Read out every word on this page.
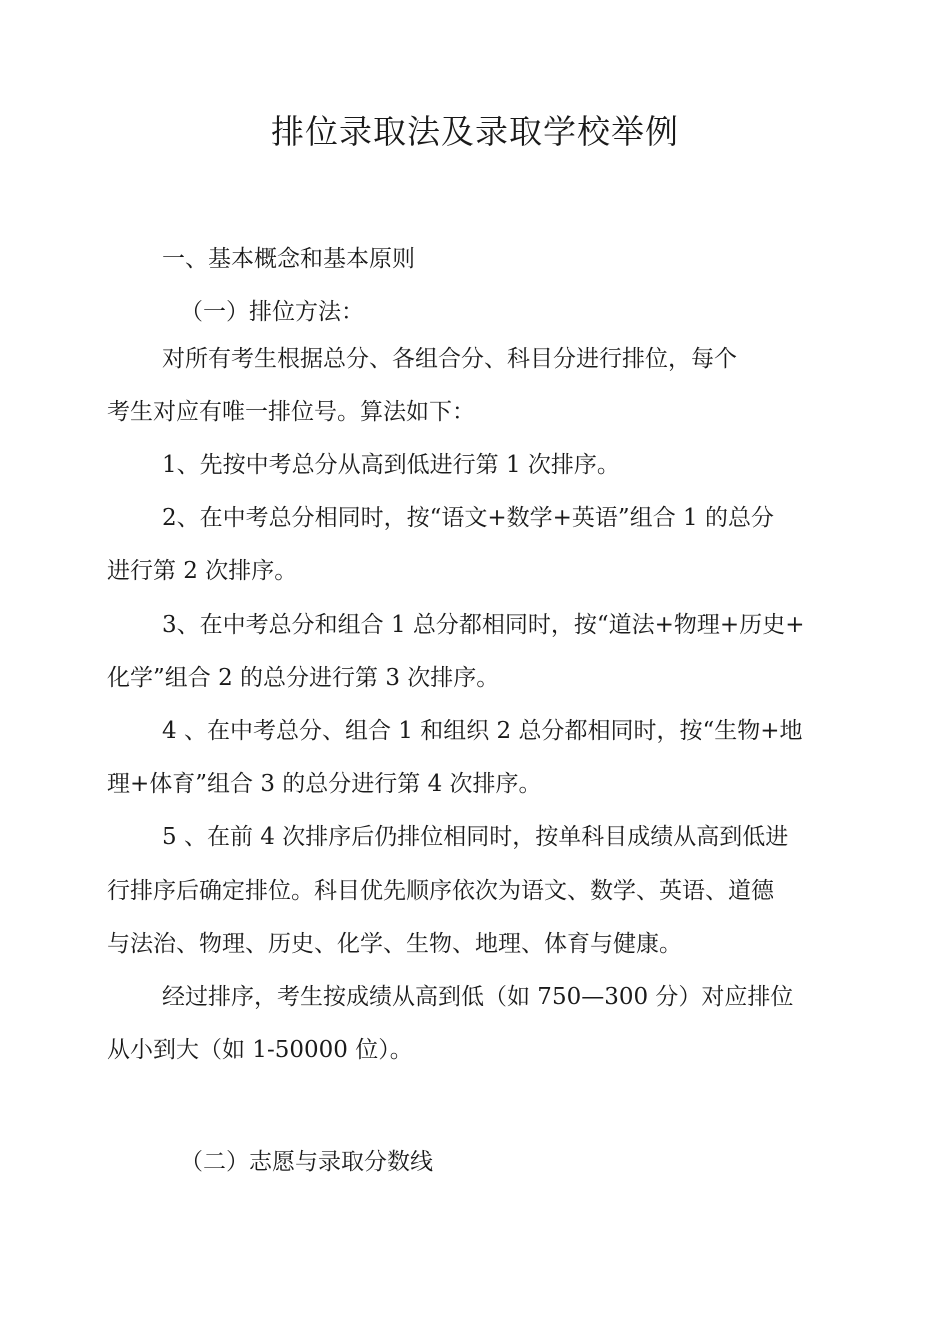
排位录取法及录取学校举例
一、基本概念和基本原则
（一）排位方法：
对所有考生根据总分、各组合分、科目分进行排位，每个
考生对应有唯一排位号。算法如下：
1、先按中考总分从高到低进行第 1 次排序。
2、在中考总分相同时，按“语文+数学+英语”组合 1 的总分
进行第 2 次排序。
3、在中考总分和组合 1 总分都相同时，按“道法+物理+历史+
化学”组合 2 的总分进行第 3 次排序。
4 、在中考总分、组合 1 和组织 2 总分都相同时，按“生物+地
理+体育”组合 3 的总分进行第 4 次排序。
5 、在前 4 次排序后仍排位相同时，按单科目成绩从高到低进
行排序后确定排位。科目优先顺序依次为语文、数学、英语、道德
与法治、物理、历史、化学、生物、地理、体育与健康。
经过排序，考生按成绩从高到低（如 750—300 分）对应排位
从小到大（如 1-50000 位）。
（二）志愿与录取分数线
